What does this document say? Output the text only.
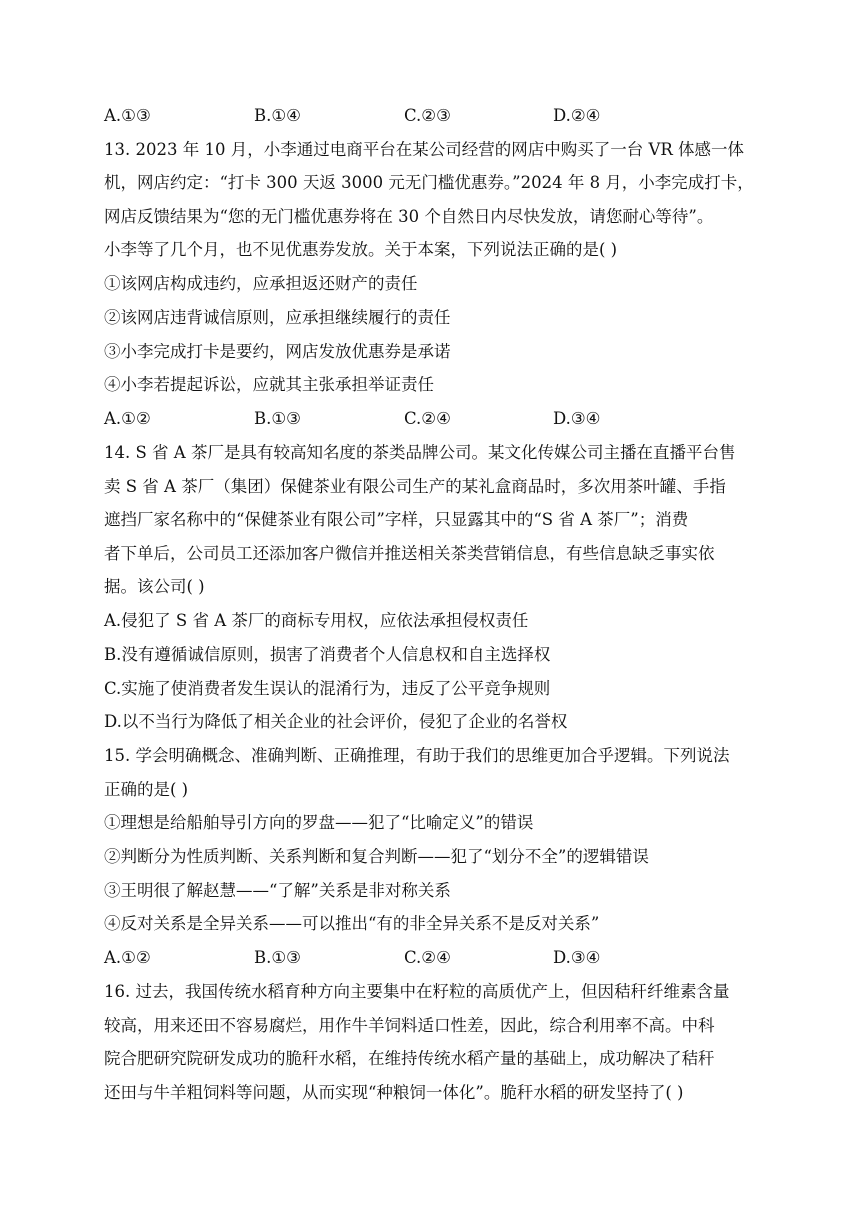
A.①③	B.①④	C.②③	D.②④
13. 2023 年 10 月，小李通过电商平台在某公司经营的网店中购买了一台 VR 体感一体
机，网店约定：“打卡 300 天返 3000 元无门槛优惠券。”2024 年 8 月，小李完成打卡，
网店反馈结果为“您的无门槛优惠券将在 30 个自然日内尽快发放，请您耐心等待”。
小李等了几个月，也不见优惠券发放。关于本案，下列说法正确的是( )
①该网店构成违约，应承担返还财产的责任
②该网店违背诚信原则，应承担继续履行的责任
③小李完成打卡是要约，网店发放优惠券是承诺
④小李若提起诉讼，应就其主张承担举证责任
A.①②	B.①③	C.②④	D.③④
14. S 省 A 茶厂是具有较高知名度的茶类品牌公司。某文化传媒公司主播在直播平台售
卖 S 省 A 茶厂（集团）保健茶业有限公司生产的某礼盒商品时，多次用茶叶罐、手指
遮挡厂家名称中的“保健茶业有限公司”字样，只显露其中的“S 省 A 茶厂”；消费
者下单后，公司员工还添加客户微信并推送相关茶类营销信息，有些信息缺乏事实依
据。该公司( )
A.侵犯了 S 省 A 茶厂的商标专用权，应依法承担侵权责任
B.没有遵循诚信原则，损害了消费者个人信息权和自主选择权
C.实施了使消费者发生误认的混淆行为，违反了公平竞争规则
D.以不当行为降低了相关企业的社会评价，侵犯了企业的名誉权
15. 学会明确概念、准确判断、正确推理，有助于我们的思维更加合乎逻辑。下列说法
正确的是( )
①理想是给船舶导引方向的罗盘——犯了“比喻定义”的错误
②判断分为性质判断、关系判断和复合判断——犯了“划分不全”的逻辑错误
③王明很了解赵慧——“了解”关系是非对称关系
④反对关系是全异关系——可以推出“有的非全异关系不是反对关系”
A.①②	B.①③	C.②④	D.③④
16. 过去，我国传统水稻育种方向主要集中在籽粒的高质优产上，但因秸秆纤维素含量
较高，用来还田不容易腐烂，用作牛羊饲料适口性差，因此，综合利用率不高。中科
院合肥研究院研发成功的脆秆水稻，在维持传统水稻产量的基础上，成功解决了秸秆
还田与牛羊粗饲料等问题，从而实现“种粮饲一体化”。脆秆水稻的研发坚持了( )
